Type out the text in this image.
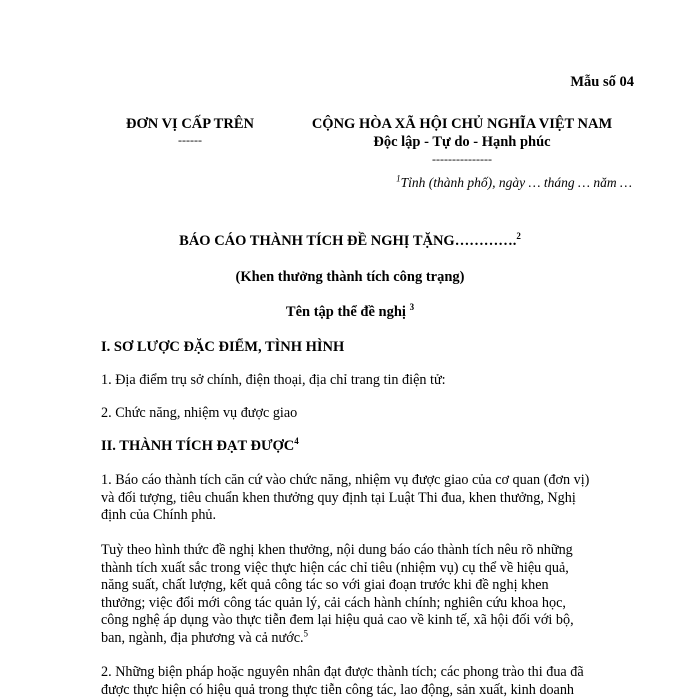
Mẫu số 04
ĐƠN VỊ CẤP TRÊN
------
CỘNG HÒA XÃ HỘI CHỦ NGHĨA VIỆT NAM
Độc lập - Tự do - Hạnh phúc
---------------
$^1$Tỉnh (thành phố), ngày … tháng … năm …
BÁO CÁO THÀNH TÍCH ĐỀ NGHỊ TẶNG………….$^2$
(Khen thưởng thành tích công trạng)
Tên tập thể đề nghị $^3$
I. SƠ LƯỢC ĐẶC ĐIỂM, TÌNH HÌNH
1. Địa điểm trụ sở chính, điện thoại, địa chỉ trang tin điện tử:
2. Chức năng, nhiệm vụ được giao
II. THÀNH TÍCH ĐẠT ĐƯỢC$^4$
1. Báo cáo thành tích căn cứ vào chức năng, nhiệm vụ được giao của cơ quan (đơn vị)
và đối tượng, tiêu chuẩn khen thưởng quy định tại Luật Thi đua, khen thưởng, Nghị
định của Chính phủ.
Tuỳ theo hình thức đề nghị khen thưởng, nội dung báo cáo thành tích nêu rõ những
thành tích xuất sắc trong việc thực hiện các chỉ tiêu (nhiệm vụ) cụ thể về hiệu quả,
năng suất, chất lượng, kết quả công tác so với giai đoạn trước khi đề nghị khen
thưởng; việc đổi mới công tác quản lý, cải cách hành chính; nghiên cứu khoa học,
công nghệ áp dụng vào thực tiễn đem lại hiệu quả cao về kinh tế, xã hội đối với bộ,
ban, ngành, địa phương và cả nước.$^5$
2. Những biện pháp hoặc nguyên nhân đạt được thành tích; các phong trào thi đua đã
được thực hiện có hiệu quả trong thực tiễn công tác, lao động, sản xuất, kinh doanh
